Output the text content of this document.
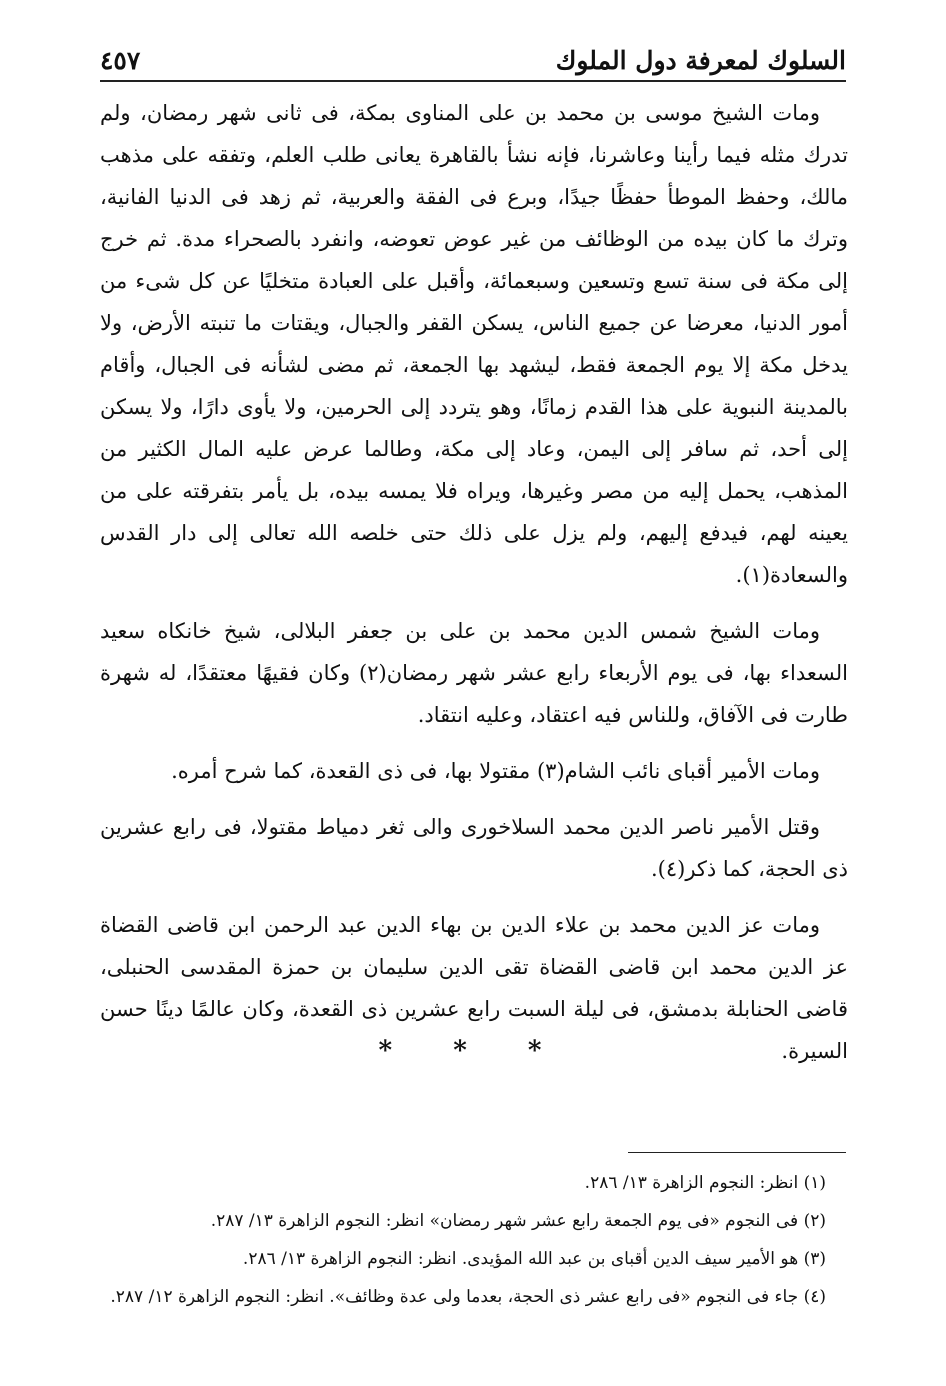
السلوك لمعرفة دول الملوك
٤٥٧

ومات الشيخ موسى بن محمد بن على المناوى بمكة، فى ثانى شهر رمضان، ولم تدرك مثله فيما رأينا وعاشرنا، فإنه نشأ بالقاهرة يعانى طلب العلم، وتفقه على مذهب مالك، وحفظ الموطأ حفظًا جيدًا، وبرع فى الفقة والعربية، ثم زهد فى الدنيا الفانية، وترك ما كان بيده من الوظائف من غير عوض تعوضه، وانفرد بالصحراء مدة. ثم خرج إلى مكة فى سنة تسع وتسعين وسبعمائة، وأقبل على العبادة متخليًا عن كل شىء من أمور الدنيا، معرضا عن جميع الناس، يسكن القفر والجبال، ويقتات ما تنبته الأرض، ولا يدخل مكة إلا يوم الجمعة فقط، ليشهد بها الجمعة، ثم مضى لشأنه فى الجبال، وأقام بالمدينة النبوية على هذا القدم زمانًا، وهو يتردد إلى الحرمين، ولا يأوى دارًا، ولا يسكن إلى أحد، ثم سافر إلى اليمن، وعاد إلى مكة، وطالما عرض عليه المال الكثير من المذهب، يحمل إليه من مصر وغيرها، ويراه فلا يمسه بيده، بل يأمر بتفرقته على من يعينه لهم، فيدفع إليهم، ولم يزل على ذلك حتى خلصه الله تعالى إلى دار القدس والسعادة(١).

ومات الشيخ شمس الدين محمد بن على بن جعفر البلالى، شيخ خانكاه سعيد السعداء بها، فى يوم الأربعاء رابع عشر شهر رمضان(٢) وكان فقيهًا معتقدًا، له شهرة طارت فى الآفاق، وللناس فيه اعتقاد، وعليه انتقاد.

ومات الأمير أقباى نائب الشام(٣) مقتولا بها، فى ذى القعدة، كما شرح أمره.

وقتل الأمير ناصر الدين محمد السلاخورى والى ثغر دمياط مقتولا، فى رابع عشرين ذى الحجة، كما ذكر(٤).

ومات عز الدين محمد بن علاء الدين بن بهاء الدين عبد الرحمن ابن قاضى القضاة عز الدين محمد ابن قاضى القضاة تقى الدين سليمان بن حمزة المقدسى الحنبلى، قاضى الحنابلة بدمشق، فى ليلة السبت رابع عشرين ذى القعدة، وكان عالمًا دينًا حسن السيرة.

* * *

(١) انظر: النجوم الزاهرة ١٣/ ٢٨٦.

(٢) فى النجوم «فى يوم الجمعة رابع عشر شهر رمضان» انظر: النجوم الزاهرة ١٣/ ٢٨٧.

(٣) هو الأمير سيف الدين أقباى بن عبد الله المؤيدى. انظر: النجوم الزاهرة ١٣/ ٢٨٦.

(٤) جاء فى النجوم «فى رابع عشر ذى الحجة، بعدما ولى عدة وظائف». انظر: النجوم الزاهرة ١٢/ ٢٨٧.
